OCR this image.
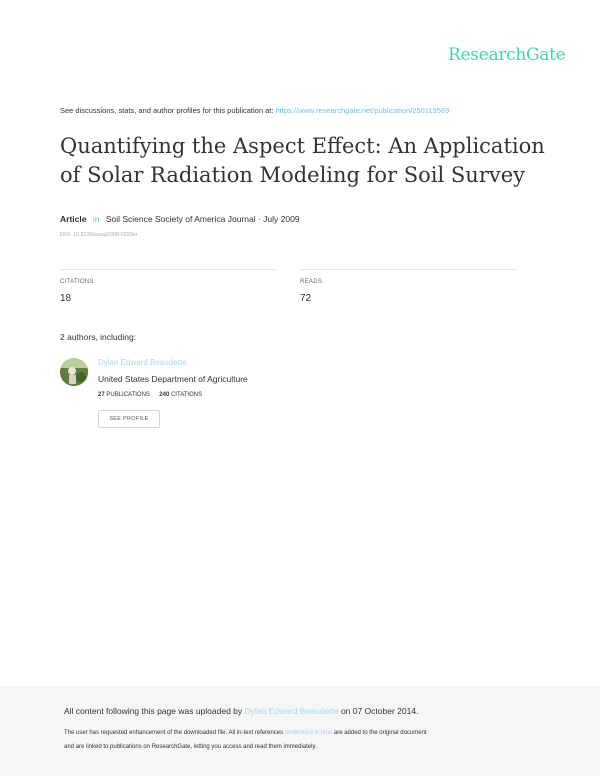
ResearchGate
See discussions, stats, and author profiles for this publication at: https://www.researchgate.net/publication/250119569
Quantifying the Aspect Effect: An Application of Solar Radiation Modeling for Soil Survey
Article in Soil Science Society of America Journal · July 2009
DOI: 10.2136/sssaj2008.0229er
CITATIONS
18
READS
72
2 authors, including:
Dylan Edward Beaudette
United States Department of Agriculture
27 PUBLICATIONS 240 CITATIONS
SEE PROFILE
All content following this page was uploaded by Dylan Edward Beaudette on 07 October 2014.
The user has requested enhancement of the downloaded file. All in-text references underlined in blue are added to the original document
and are linked to publications on ResearchGate, letting you access and read them immediately.
